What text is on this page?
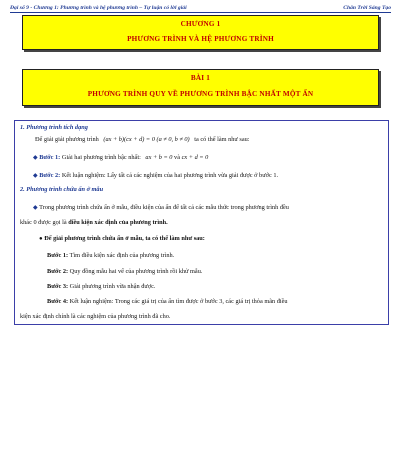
Đại số 9 - Chương 1: Phương trình và hệ phương trình – Tự luận có lời giải	Chân Trời Sáng Tạo
CHƯƠNG 1
PHƯƠNG TRÌNH VÀ HỆ PHƯƠNG TRÌNH
BÀI 1
PHƯƠNG TRÌNH QUY VỀ PHƯƠNG TRÌNH BẬC NHẤT MỘT ẨN
1. Phương trình tích dạng
Để giải giải phương trình (ax + b)(cx + d) = 0 (a ≠ 0, b ≠ 0) ta có thể làm như sau:
◆ Bước 1: Giải hai phương trình bậc nhất: ax + b = 0 và cx + d = 0
◆ Bước 2: Kết luận nghiệm: Lấy tất cả các nghiệm của hai phương trình vừa giải được ở bước 1.
2. Phương trình chứa ẩn ở mẫu
◆ Trong phương trình chứa ẩn ở mẫu, điều kiện của ẩn để tất cả các mẫu thức trong phương trình đều
khác 0 được gọi là điều kiện xác định của phương trình.
● Để giải phương trình chứa ẩn ở mẫu, ta có thể làm như sau:
Bước 1: Tìm điều kiện xác định của phương trình.
Bước 2: Quy đồng mẫu hai vế của phương trình rồi khử mẫu.
Bước 3: Giải phương trình vừa nhận được.
Bước 4: Kết luận nghiệm: Trong các giá trị của ẩn tìm được ở bước 3, các giá trị thỏa mãn điều
kiện xác định chính là các nghiệm của phương trình đã cho.
